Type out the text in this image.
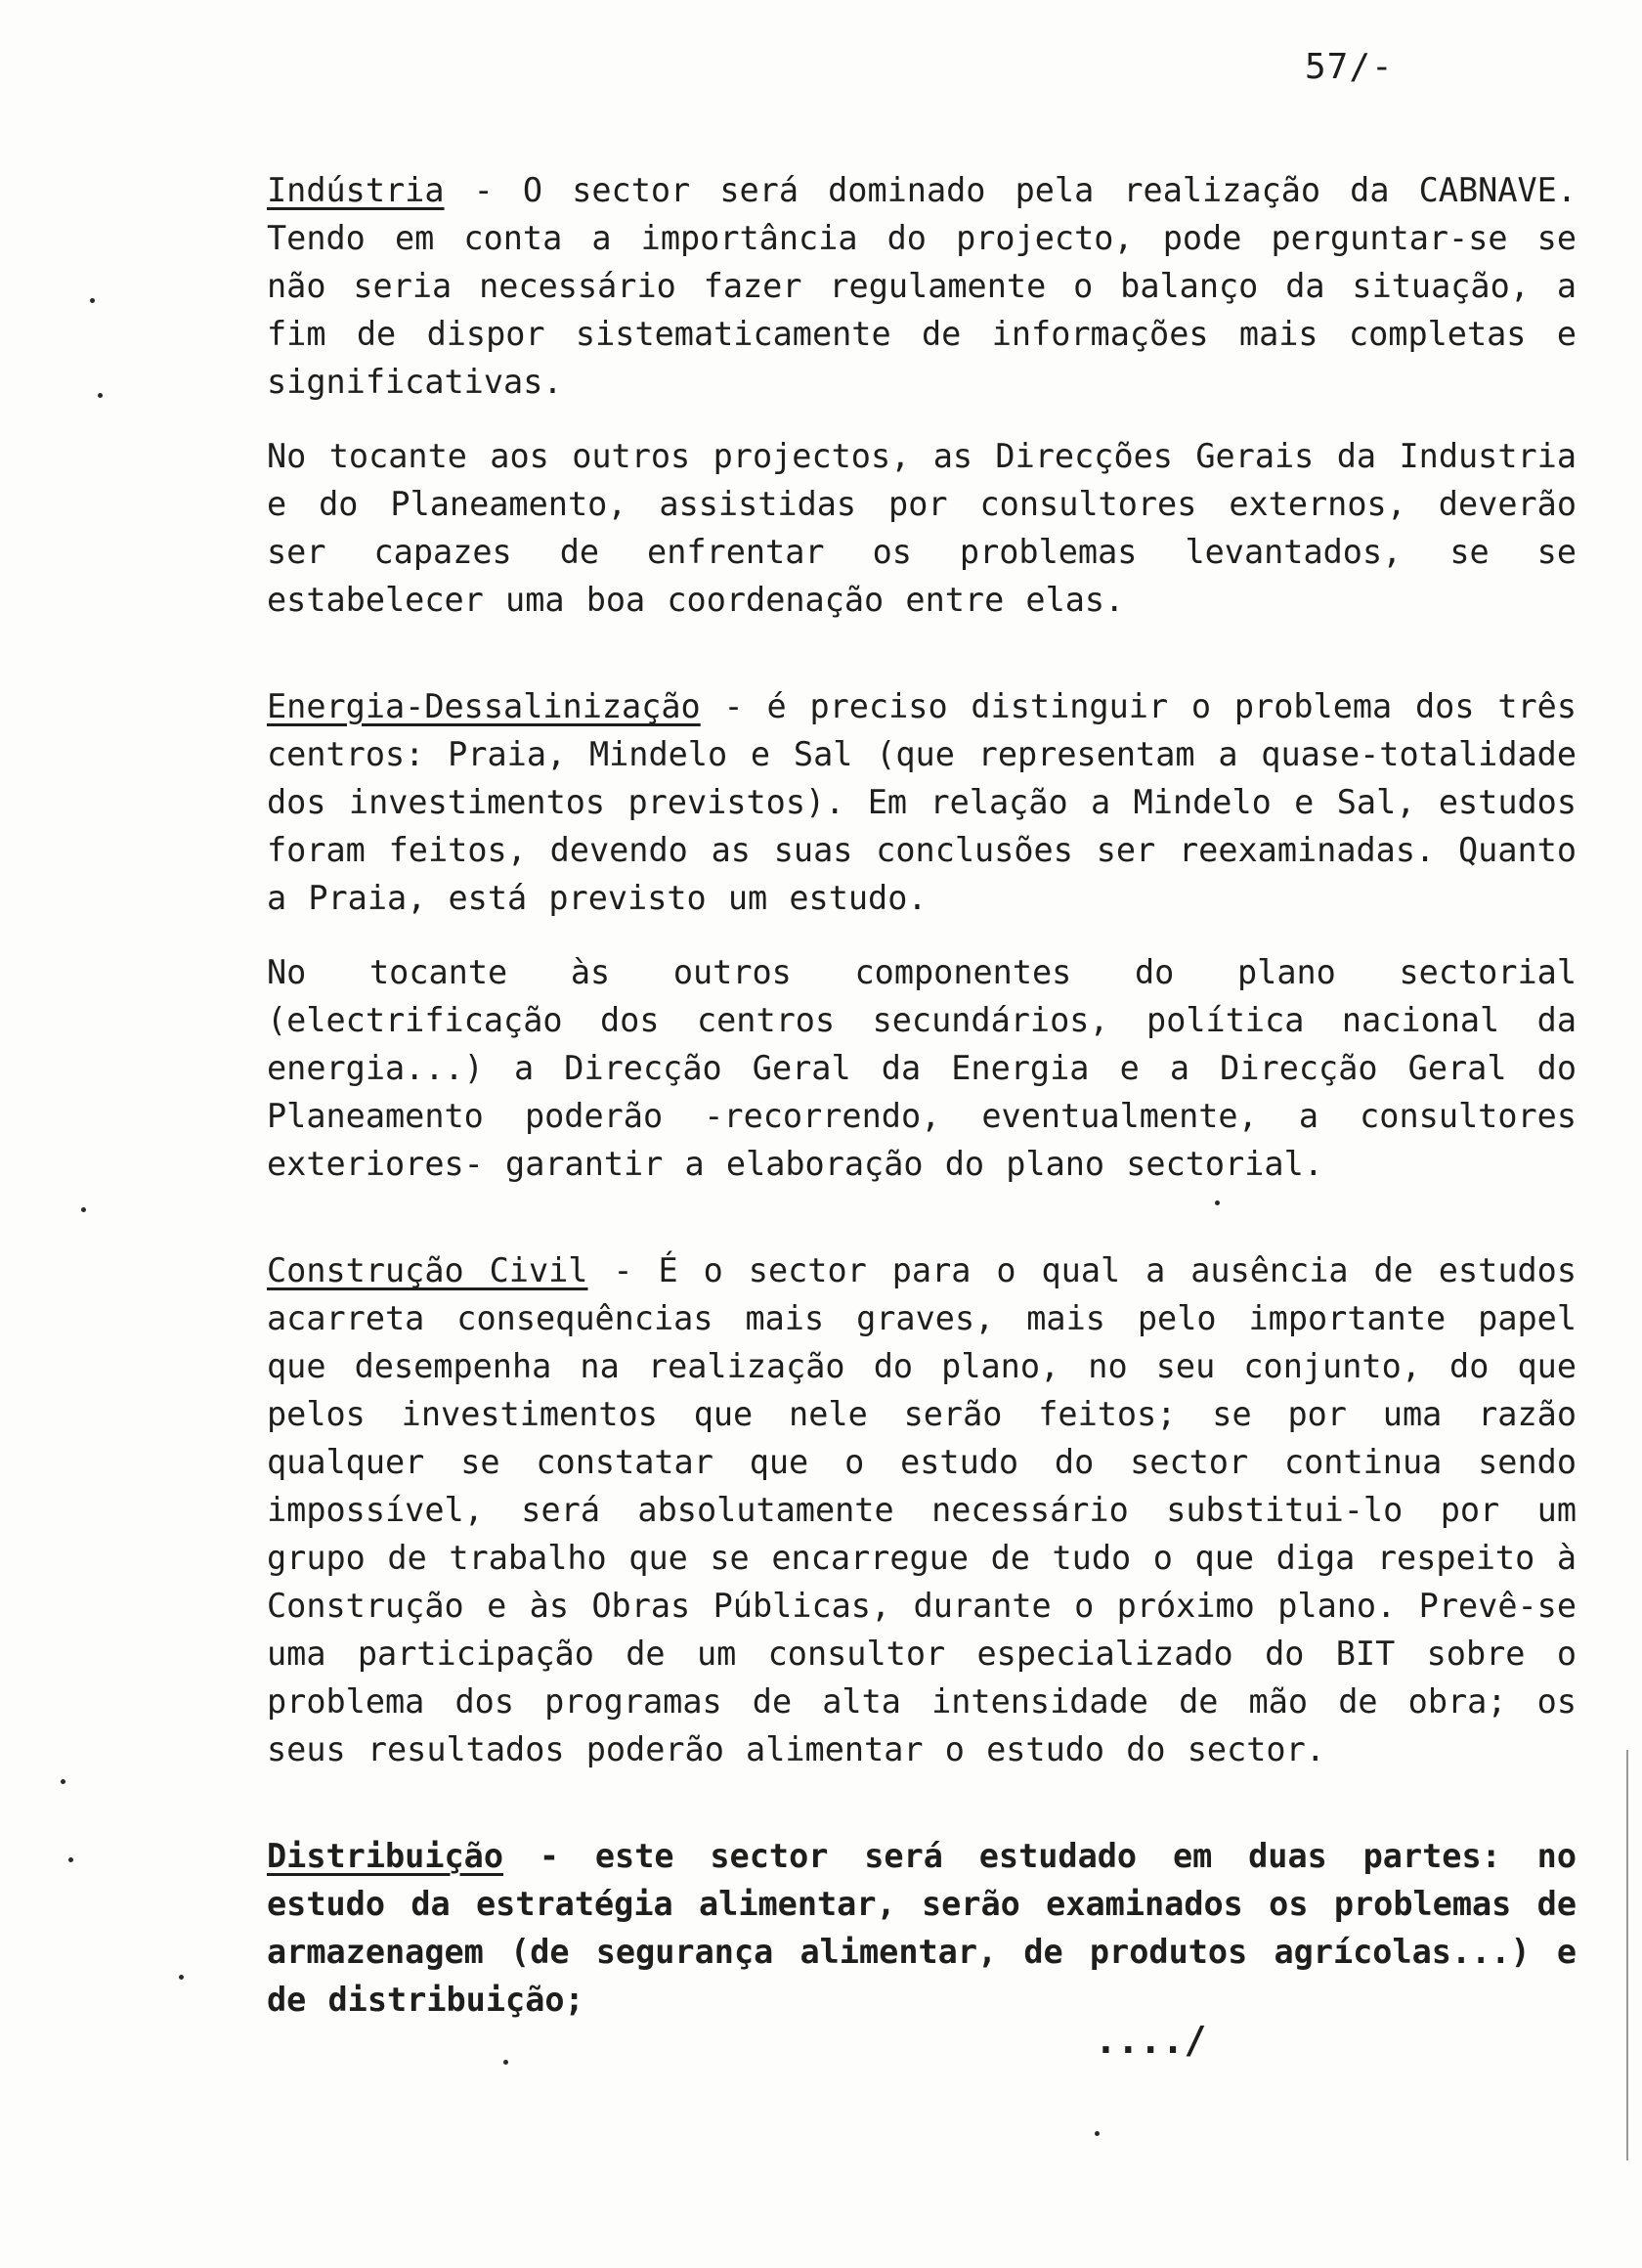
57/-

Indústria - O sector será dominado pela realização da CABNAVE. Tendo em conta a importância do projecto, pode perguntar-se se não seria necessário fazer regulamente o balanço da situação, a fim de dispor sistematicamente de informações mais completas e significativas.

No tocante aos outros projectos, as Direcções Gerais da Industria e do Planeamento, assistidas por consultores externos, deverão ser capazes de enfrentar os problemas levantados, se se estabelecer uma boa coordenação entre elas.

Energia-Dessalinização - é preciso distinguir o problema dos três centros: Praia, Mindelo e Sal (que representam a quase-totalidade dos investimentos previstos). Em relação a Mindelo e Sal, estudos foram feitos, devendo as suas conclusões ser reexaminadas. Quanto a Praia, está previsto um estudo.

No tocante às outros componentes do plano sectorial (electrificação dos centros secundários, política nacional da energia...) a Direcção Geral da Energia e a Direcção Geral do Planeamento poderão -recorrendo, eventualmente, a consultores exteriores- garantir a elaboração do plano sectorial.

Construção Civil - É o sector para o qual a ausência de estudos acarreta consequências mais graves, mais pelo importante papel que desempenha na realização do plano, no seu conjunto, do que pelos investimentos que nele serão feitos; se por uma razão qualquer se constatar que o estudo do sector continua sendo impossível, será absolutamente necessário substitui-lo por um grupo de trabalho que se encarregue de tudo o que diga respeito à Construção e às Obras Públicas, durante o próximo plano. Prevê-se uma participação de um consultor especializado do BIT sobre o problema dos programas de alta intensidade de mão de obra; os seus resultados poderão alimentar o estudo do sector.

Distribuição - este sector será estudado em duas partes: no estudo da estratégia alimentar, serão examinados os problemas de armazenagem (de segurança alimentar, de produtos agrícolas...) e de distribuição;

..../
